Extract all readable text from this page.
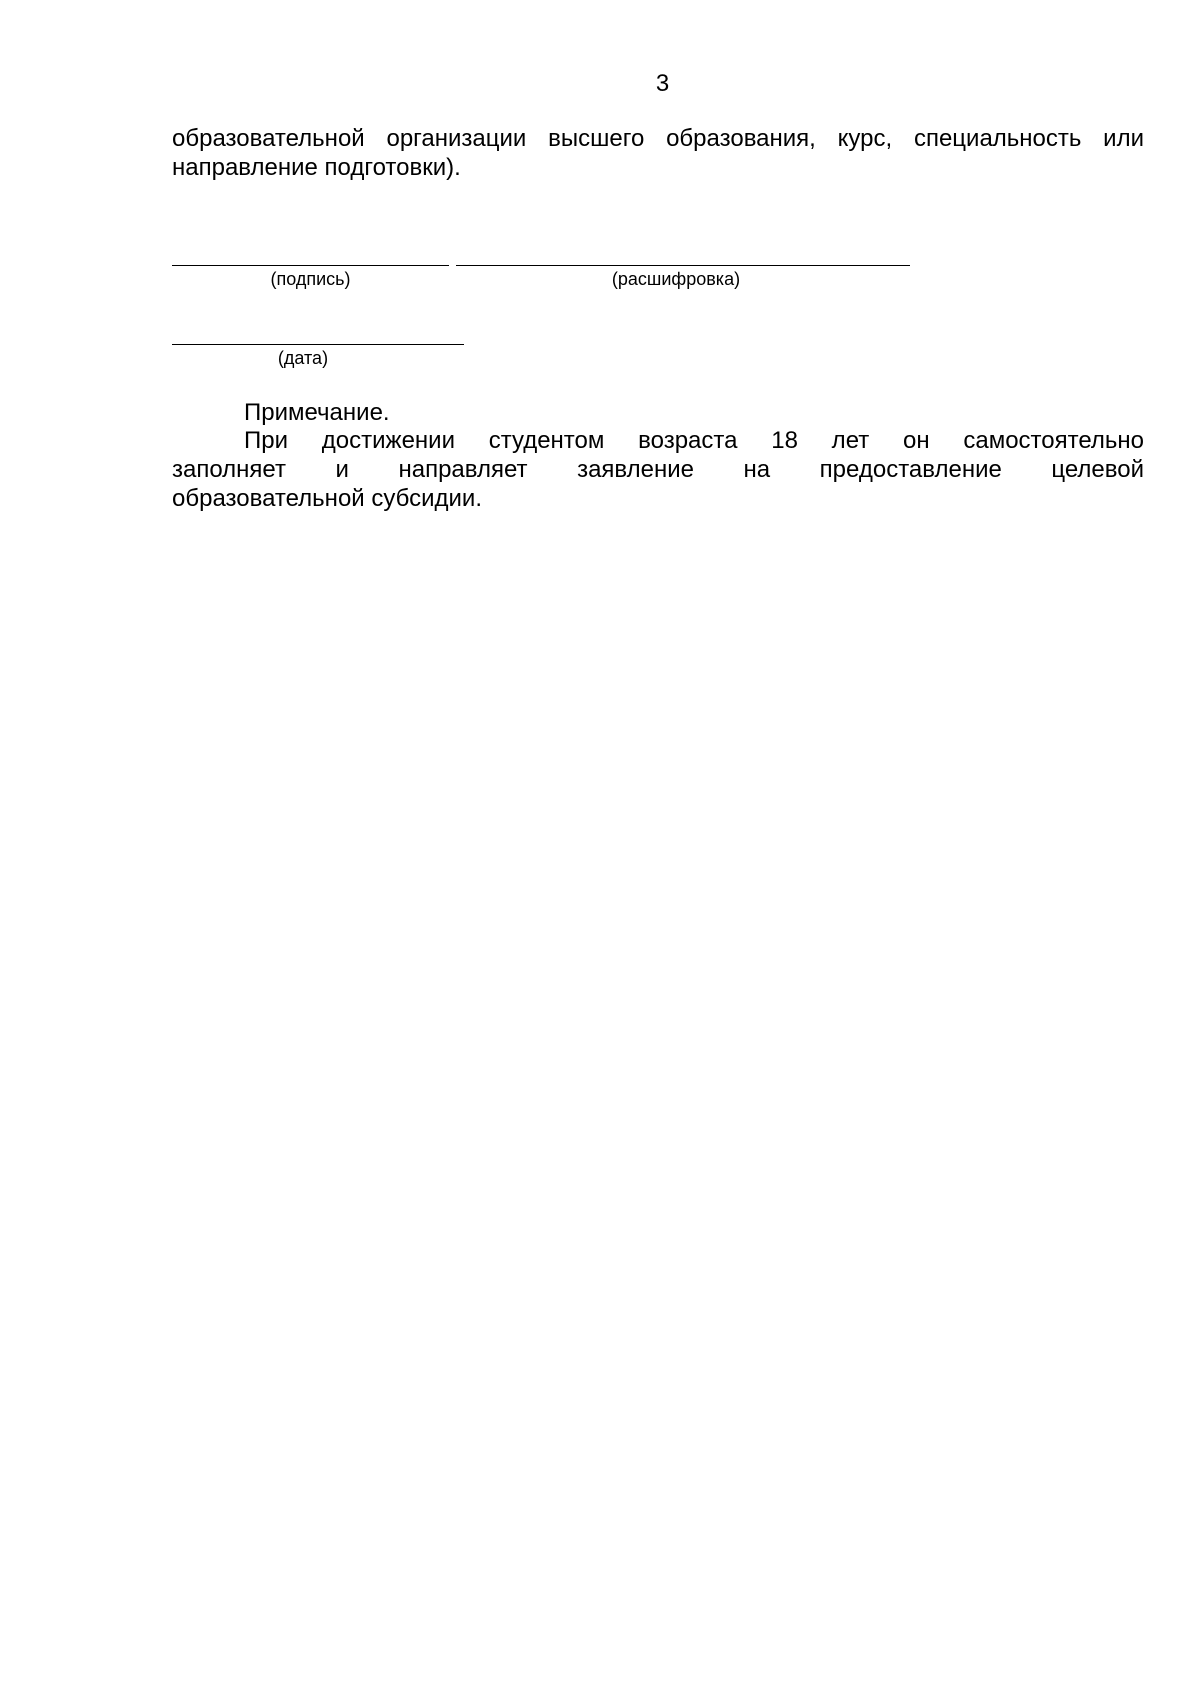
3
образовательной организации высшего образования, курс, специальность или
направление подготовки).
(подпись)	(расшифровка)
(дата)
Примечание.
При достижении студентом возраста 18 лет он самостоятельно
заполняет и направляет заявление на предоставление целевой
образовательной субсидии.
